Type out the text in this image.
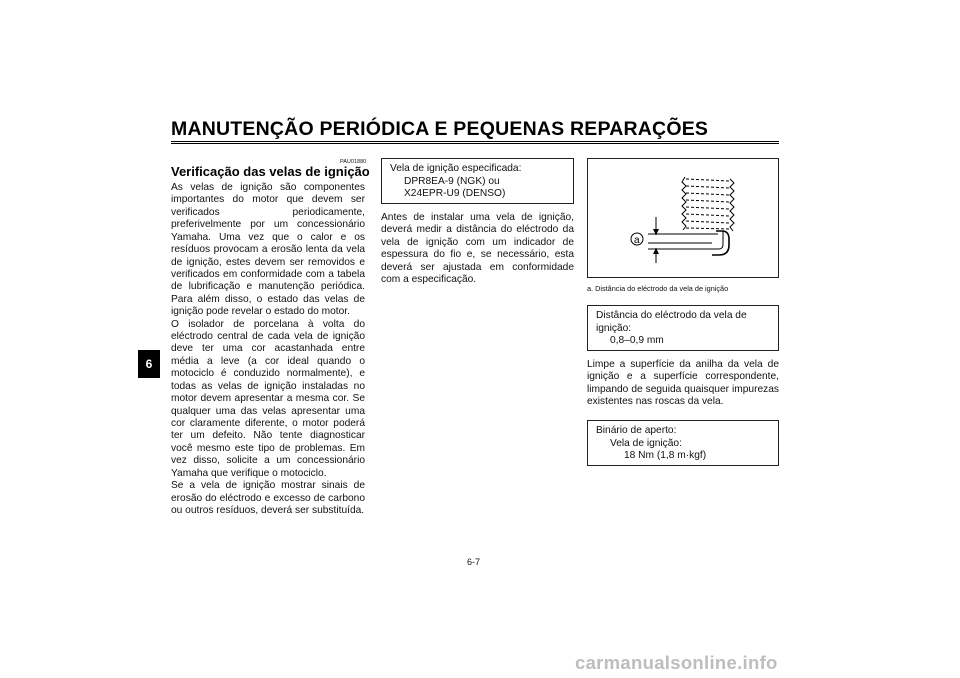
MANUTENÇÃO PERIÓDICA E PEQUENAS REPARAÇÕES
6
PAU01880
Verificação das velas de ignição

As velas de ignição são componentes importantes do motor que devem ser verificados periodicamente, preferivelmente por um concessionário Yamaha. Uma vez que o calor e os resíduos provocam a erosão lenta da vela de ignição, estes devem ser removidos e verificados em conformidade com a tabela de lubrificação e manutenção periódica. Para além disso, o estado das velas de ignição pode revelar o estado do motor.

O isolador de porcelana à volta do eléctrodo central de cada vela de ignição deve ter uma cor acastanhada entre média a leve (a cor ideal quando o motociclo é conduzido normalmente), e todas as velas de ignição instaladas no motor devem apresentar a mesma cor. Se qualquer uma das velas apresentar uma cor claramente diferente, o motor poderá ter um defeito. Não tente diagnosticar você mesmo este tipo de problemas. Em vez disso, solicite a um concessionário Yamaha que verifique o motociclo.

Se a vela de ignição mostrar sinais de erosão do eléctrodo e excesso de carbono ou outros resíduos, deverá ser substituída.

Vela de ignição especificada:
DPR8EA-9 (NGK) ou
X24EPR-U9 (DENSO)

Antes de instalar uma vela de ignição, deverá medir a distância do eléctrodo da vela de ignição com um indicador de espessura do fio e, se necessário, esta deverá ser ajustada em conformidade com a especificação.

a
a. Distância do eléctrodo da vela de ignição
Distância do eléctrodo da vela de
ignição:
0,8–0,9 mm

Limpe a superfície da anilha da vela de ignição e a superfície correspondente, limpando de seguida quaisquer impurezas existentes nas roscas da vela.

Binário de aperto:
Vela de ignição:
18 Nm (1,8 m·kgf)
6-7
carmanualsonline.info
